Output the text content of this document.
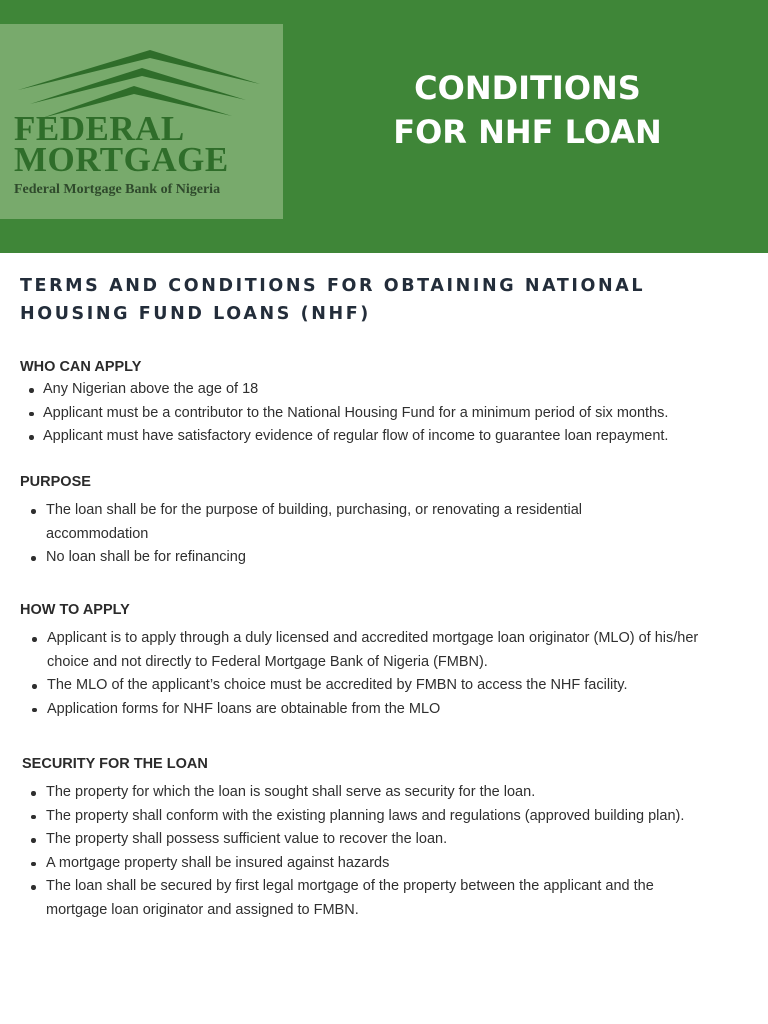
FEDERAL
MORTGAGE
Federal Mortgage Bank of Nigeria
CONDITIONS
FOR NHF LOAN
TERMS AND CONDITIONS FOR OBTAINING NATIONAL HOUSING FUND LOANS (NHF)
WHO CAN APPLY
Any Nigerian above the age of 18
Applicant must be a contributor to the National Housing Fund for a minimum period of six months.
Applicant must have satisfactory evidence of regular flow of income to guarantee loan repayment.
PURPOSE
The loan shall be for the purpose of building, purchasing, or renovating a residential accommodation
No loan shall be for refinancing
HOW TO APPLY
Applicant is to apply through a duly licensed and accredited mortgage loan originator (MLO) of his/her choice and not directly to Federal Mortgage Bank of Nigeria (FMBN).
The MLO of the applicant’s choice must be accredited by FMBN to access the NHF facility.
Application forms for NHF loans are obtainable from the MLO
SECURITY FOR THE LOAN
The property for which the loan is sought shall serve as security for the loan.
The property shall conform with the existing planning laws and regulations (approved building plan).
The property shall possess sufficient value to recover the loan.
A mortgage property shall be insured against hazards
The loan shall be secured by first legal mortgage of the property between the applicant and the mortgage loan originator and assigned to FMBN.
